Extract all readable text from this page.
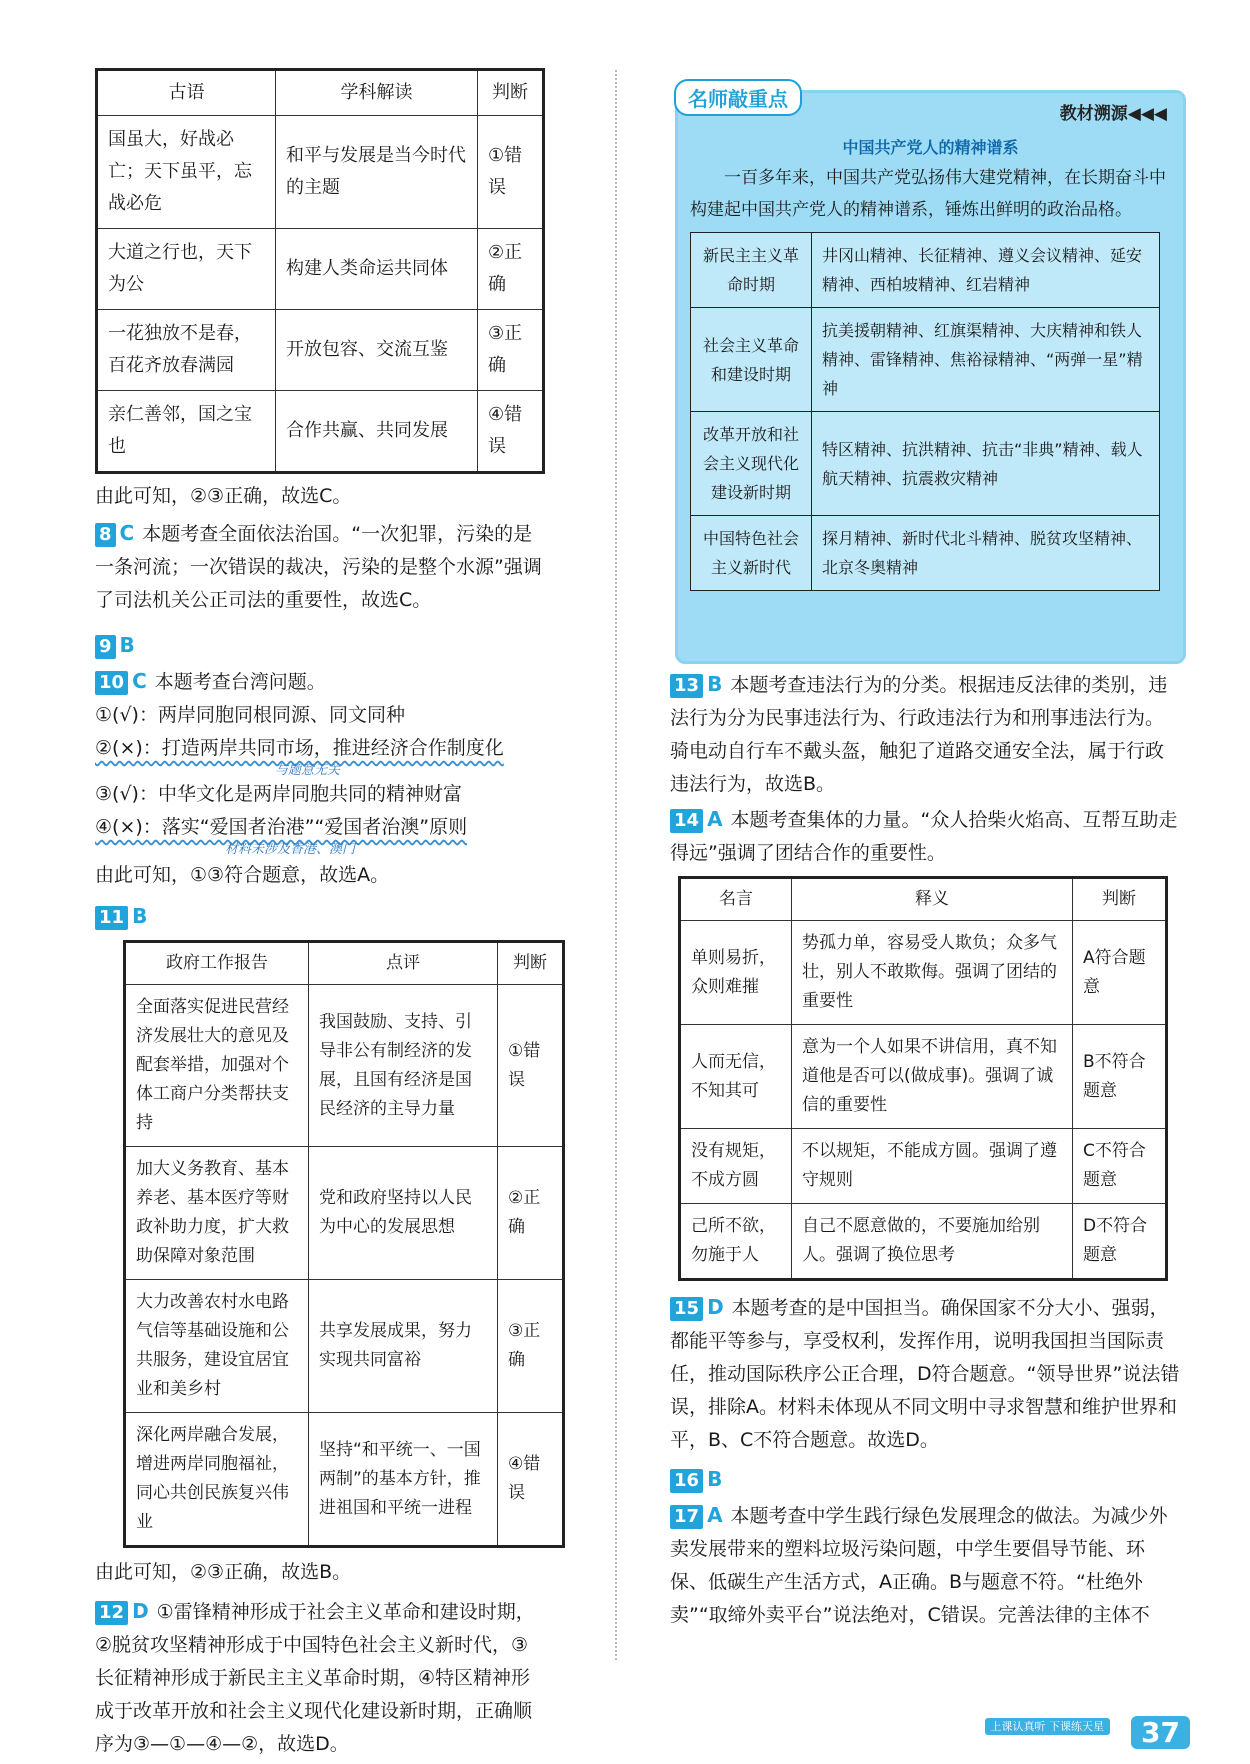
古语	学科解读	判断
国虽大，好战必亡；天下虽平，忘战必危	和平与发展是当今时代的主题	①错误
大道之行也，天下为公	构建人类命运共同体	②正确
一花独放不是春，百花齐放春满园	开放包容、交流互鉴	③正确
亲仁善邻，国之宝也	合作共赢、共同发展	④错误

由此可知，②③正确，故选C。

8 C 本题考查全面依法治国。“一次犯罪，污染的是一条河流；一次错误的裁决，污染的是整个水源”强调了司法机关公正司法的重要性，故选C。
9 B
10 C 本题考查台湾问题。

①(√)：两岸同胞同根同源、同文同种

②(×)：打造两岸共同市场，推进经济合作制度化

与题意无关

③(√)：中华文化是两岸同胞共同的精神财富

④(×)：落实“爱国者治港”“爱国者治澳”原则

材料未涉及香港、澳门

由此可知，①③符合题意，故选A。

11 B
政府工作报告	点评	判断
全面落实促进民营经济发展壮大的意见及配套举措，加强对个体工商户分类帮扶支持	我国鼓励、支持、引导非公有制经济的发展，且国有经济是国民经济的主导力量	①错误
加大义务教育、基本养老、基本医疗等财政补助力度，扩大救助保障对象范围	党和政府坚持以人民为中心的发展思想	②正确
大力改善农村水电路气信等基础设施和公共服务，建设宜居宜业和美乡村	共享发展成果，努力实现共同富裕	③正确
深化两岸融合发展，增进两岸同胞福祉，同心共创民族复兴伟业	坚持“和平统一、一国两制”的基本方针，推进祖国和平统一进程	④错误

由此可知，②③正确，故选B。

12 D ①雷锋精神形成于社会主义革命和建设时期，②脱贫攻坚精神形成于中国特色社会主义新时代，③长征精神形成于新民主主义革命时期，④特区精神形成于改革开放和社会主义现代化建设新时期，正确顺序为③—①—④—②，故选D。
名师敲重点
教材溯源◀◀◀
中国共产党人的精神谱系

一百多年来，中国共产党弘扬伟大建党精神，在长期奋斗中构建起中国共产党人的精神谱系，锤炼出鲜明的政治品格。

新民主主义革命时期	井冈山精神、长征精神、遵义会议精神、延安精神、西柏坡精神、红岩精神
社会主义革命和建设时期	抗美援朝精神、红旗渠精神、大庆精神和铁人精神、雷锋精神、焦裕禄精神、“两弹一星”精神
改革开放和社会主义现代化建设新时期	特区精神、抗洪精神、抗击“非典”精神、载人航天精神、抗震救灾精神
中国特色社会主义新时代	探月精神、新时代北斗精神、脱贫攻坚精神、北京冬奥精神
13 B 本题考查违法行为的分类。根据违反法律的类别，违法行为分为民事违法行为、行政违法行为和刑事违法行为。骑电动自行车不戴头盔，触犯了道路交通安全法，属于行政违法行为，故选B。
14 A 本题考查集体的力量。“众人拾柴火焰高、互帮互助走得远”强调了团结合作的重要性。
名言	释义	判断
单则易折，众则难摧	势孤力单，容易受人欺负；众多气壮，别人不敢欺侮。强调了团结的重要性	A符合题意
人而无信，不知其可	意为一个人如果不讲信用，真不知道他是否可以(做成事)。强调了诚信的重要性	B不符合题意
没有规矩，不成方圆	不以规矩，不能成方圆。强调了遵守规则	C不符合题意
己所不欲，勿施于人	自己不愿意做的，不要施加给别人。强调了换位思考	D不符合题意
15 D 本题考查的是中国担当。确保国家不分大小、强弱，都能平等参与，享受权利，发挥作用，说明我国担当国际责任，推动国际秩序公正合理，D符合题意。“领导世界”说法错误，排除A。材料未体现从不同文明中寻求智慧和维护世界和平，B、C不符合题意。故选D。
16 B
17 A 本题考查中学生践行绿色发展理念的做法。为减少外卖发展带来的塑料垃圾污染问题，中学生要倡导节能、环保、低碳生产生活方式，A正确。B与题意不符。“杜绝外卖”“取缔外卖平台”说法绝对，C错误。完善法律的主体不
上课认真听 下课练天星	37
